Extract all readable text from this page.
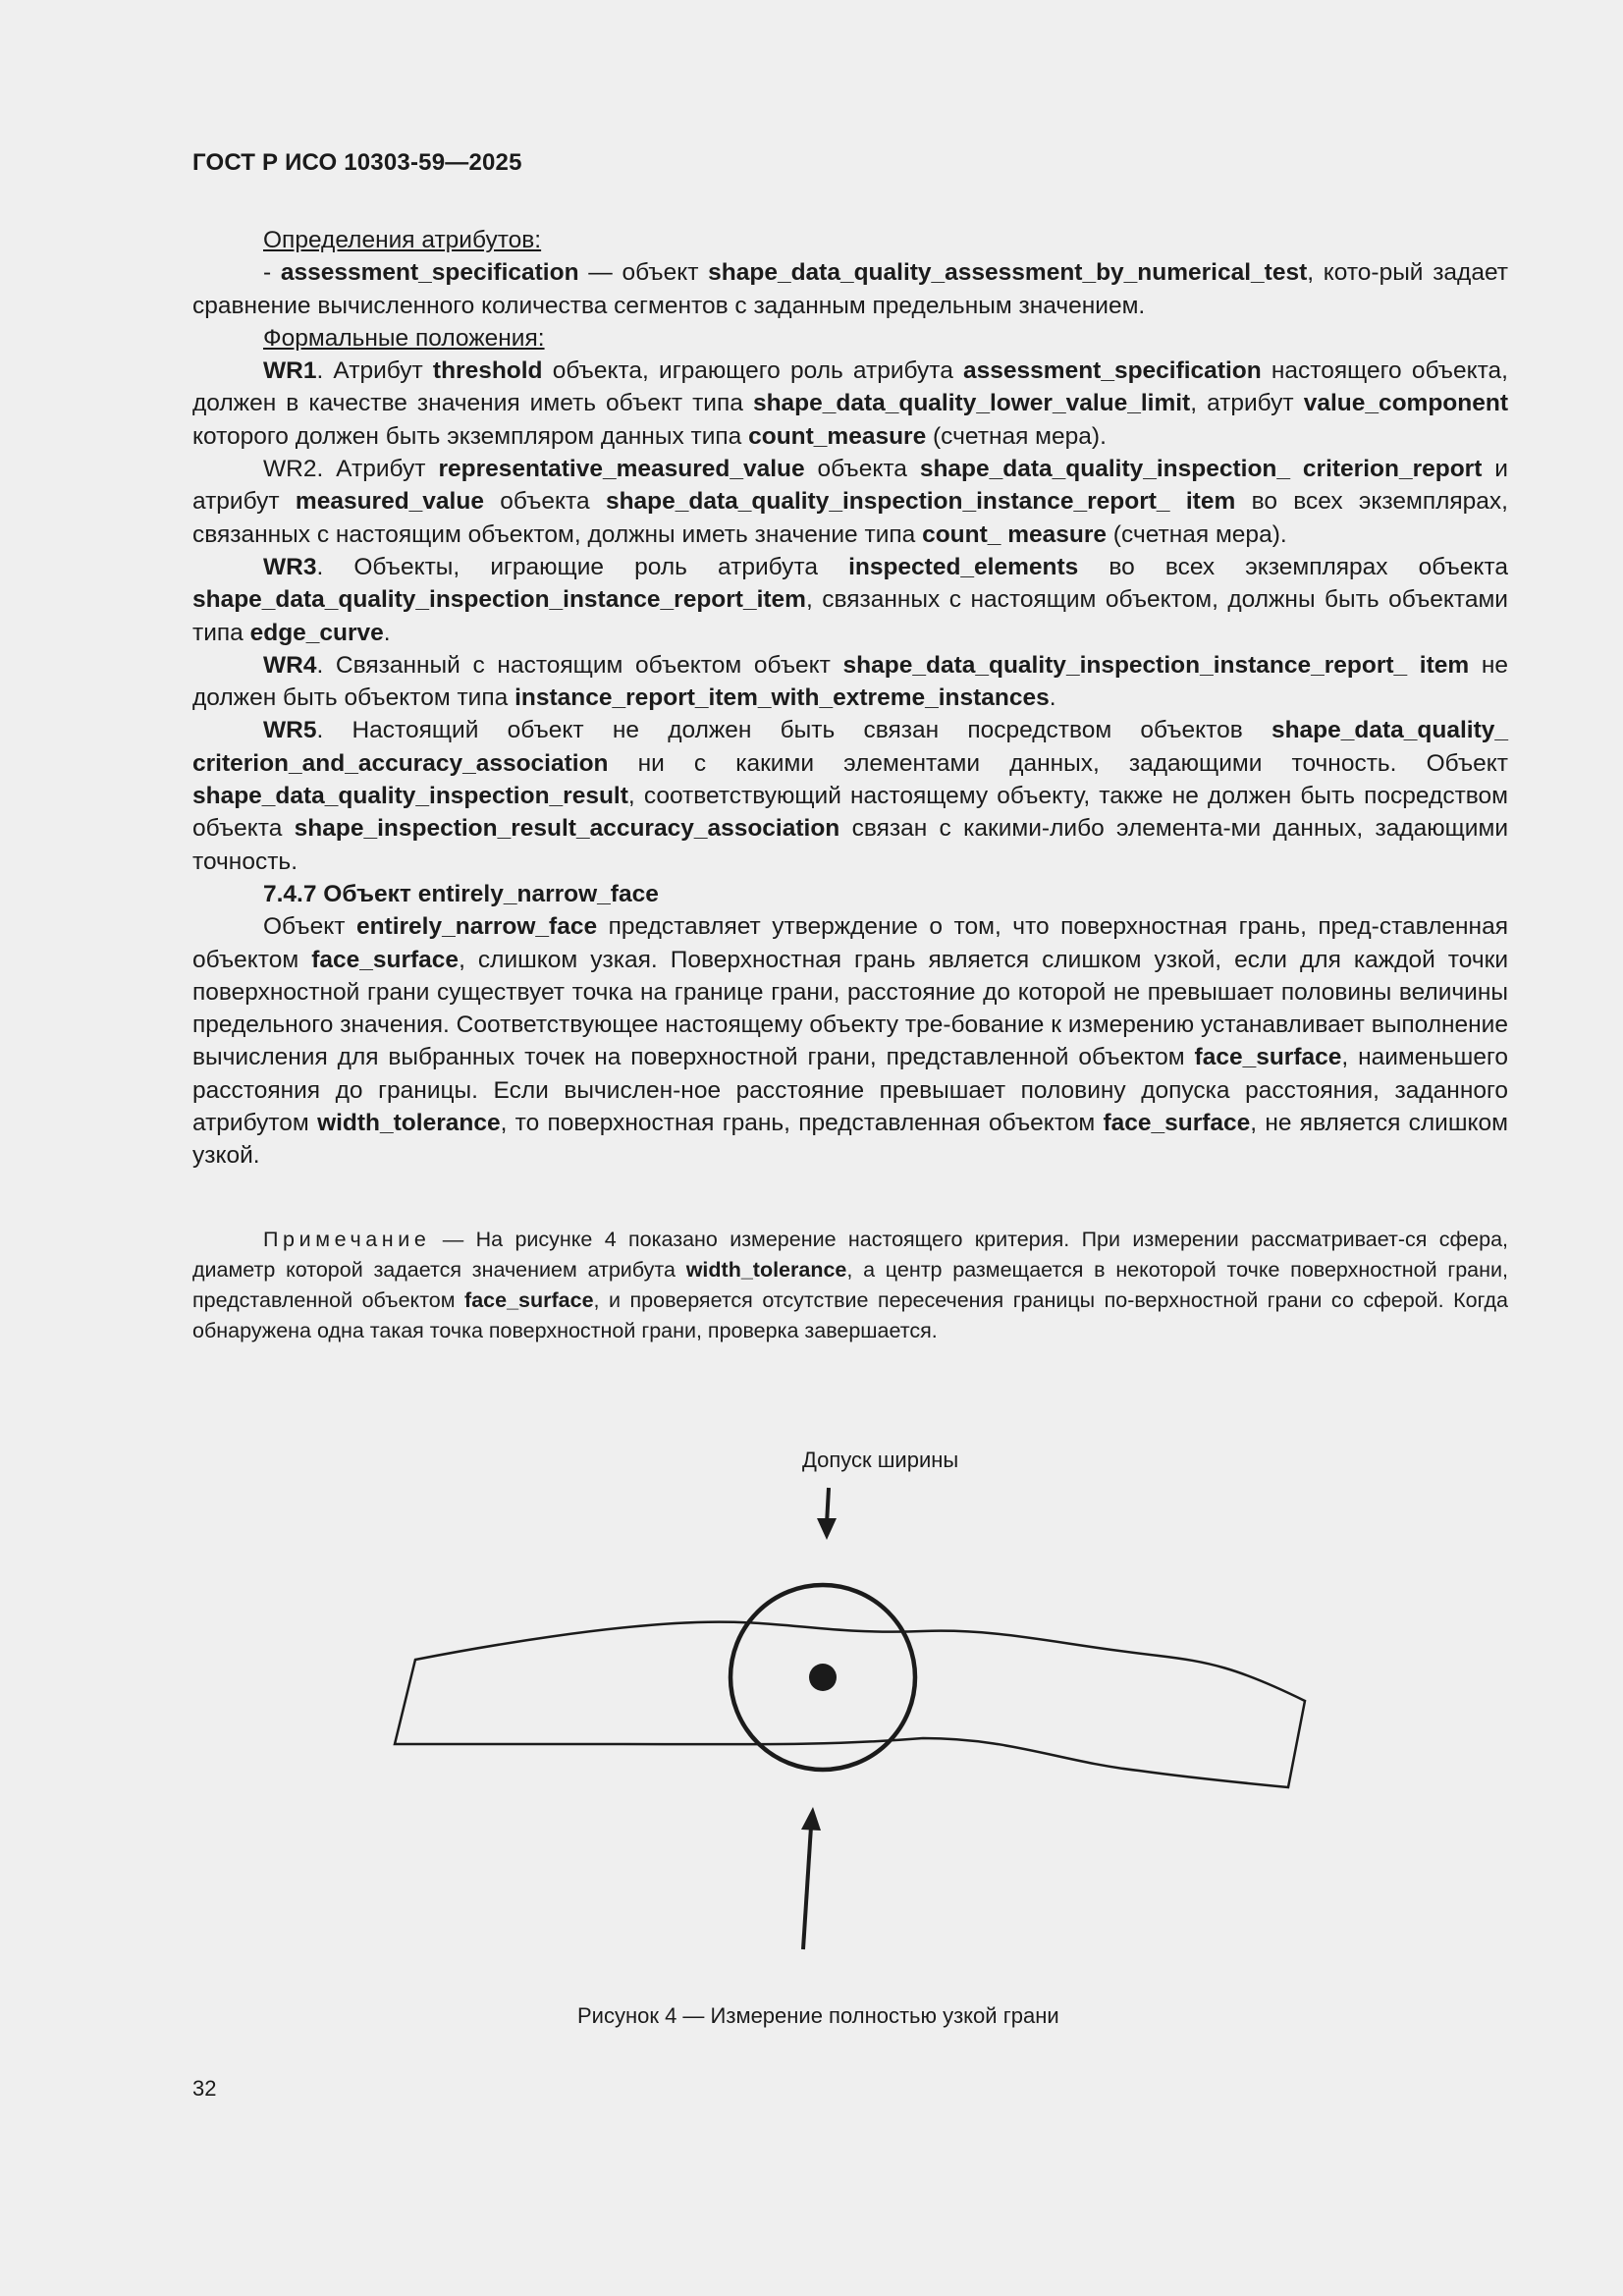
ГОСТ Р ИСО 10303-59—2025

Определения атрибутов:

- assessment_specification — объект shape_data_quality_assessment_by_numerical_test, кото-рый задает сравнение вычисленного количества сегментов с заданным предельным значением.

Формальные положения:

WR1. Атрибут threshold объекта, играющего роль атрибута assessment_specification настоящего объекта, должен в качестве значения иметь объект типа shape_data_quality_lower_value_limit, атрибут value_component которого должен быть экземпляром данных типа count_measure (счетная мера).

WR2. Атрибут representative_measured_value объекта shape_data_quality_inspection_ criterion_report и атрибут measured_value объекта shape_data_quality_inspection_instance_report_ item во всех экземплярах, связанных с настоящим объектом, должны иметь значение типа count_ measure (счетная мера).

WR3. Объекты, играющие роль атрибута inspected_elements во всех экземплярах объекта shape_data_quality_inspection_instance_report_item, связанных с настоящим объектом, должны быть объектами типа edge_curve.

WR4. Связанный с настоящим объектом объект shape_data_quality_inspection_instance_report_ item не должен быть объектом типа instance_report_item_with_extreme_instances.

WR5. Настоящий объект не должен быть связан посредством объектов shape_data_quality_ criterion_and_accuracy_association ни с какими элементами данных, задающими точность. Объект shape_data_quality_inspection_result, соответствующий настоящему объекту, также не должен быть посредством объекта shape_inspection_result_accuracy_association связан с какими-либо элемента-ми данных, задающими точность.

7.4.7 Объект entirely_narrow_face

Объект entirely_narrow_face представляет утверждение о том, что поверхностная грань, пред-ставленная объектом face_surface, слишком узкая. Поверхностная грань является слишком узкой, если для каждой точки поверхностной грани существует точка на границе грани, расстояние до которой не превышает половины величины предельного значения. Соответствующее настоящему объекту тре-бование к измерению устанавливает выполнение вычисления для выбранных точек на поверхностной грани, представленной объектом face_surface, наименьшего расстояния до границы. Если вычислен-ное расстояние превышает половину допуска расстояния, заданного атрибутом width_tolerance, то поверхностная грань, представленная объектом face_surface, не является слишком узкой.

Примечание — На рисунке 4 показано измерение настоящего критерия. При измерении рассматривает-ся сфера, диаметр которой задается значением атрибута width_tolerance, а центр размещается в некоторой точке поверхностной грани, представленной объектом face_surface, и проверяется отсутствие пересечения границы по-верхностной грани со сферой. Когда обнаружена одна такая точка поверхностной грани, проверка завершается.

Допуск ширины
Рисунок 4 — Измерение полностью узкой грани
32
